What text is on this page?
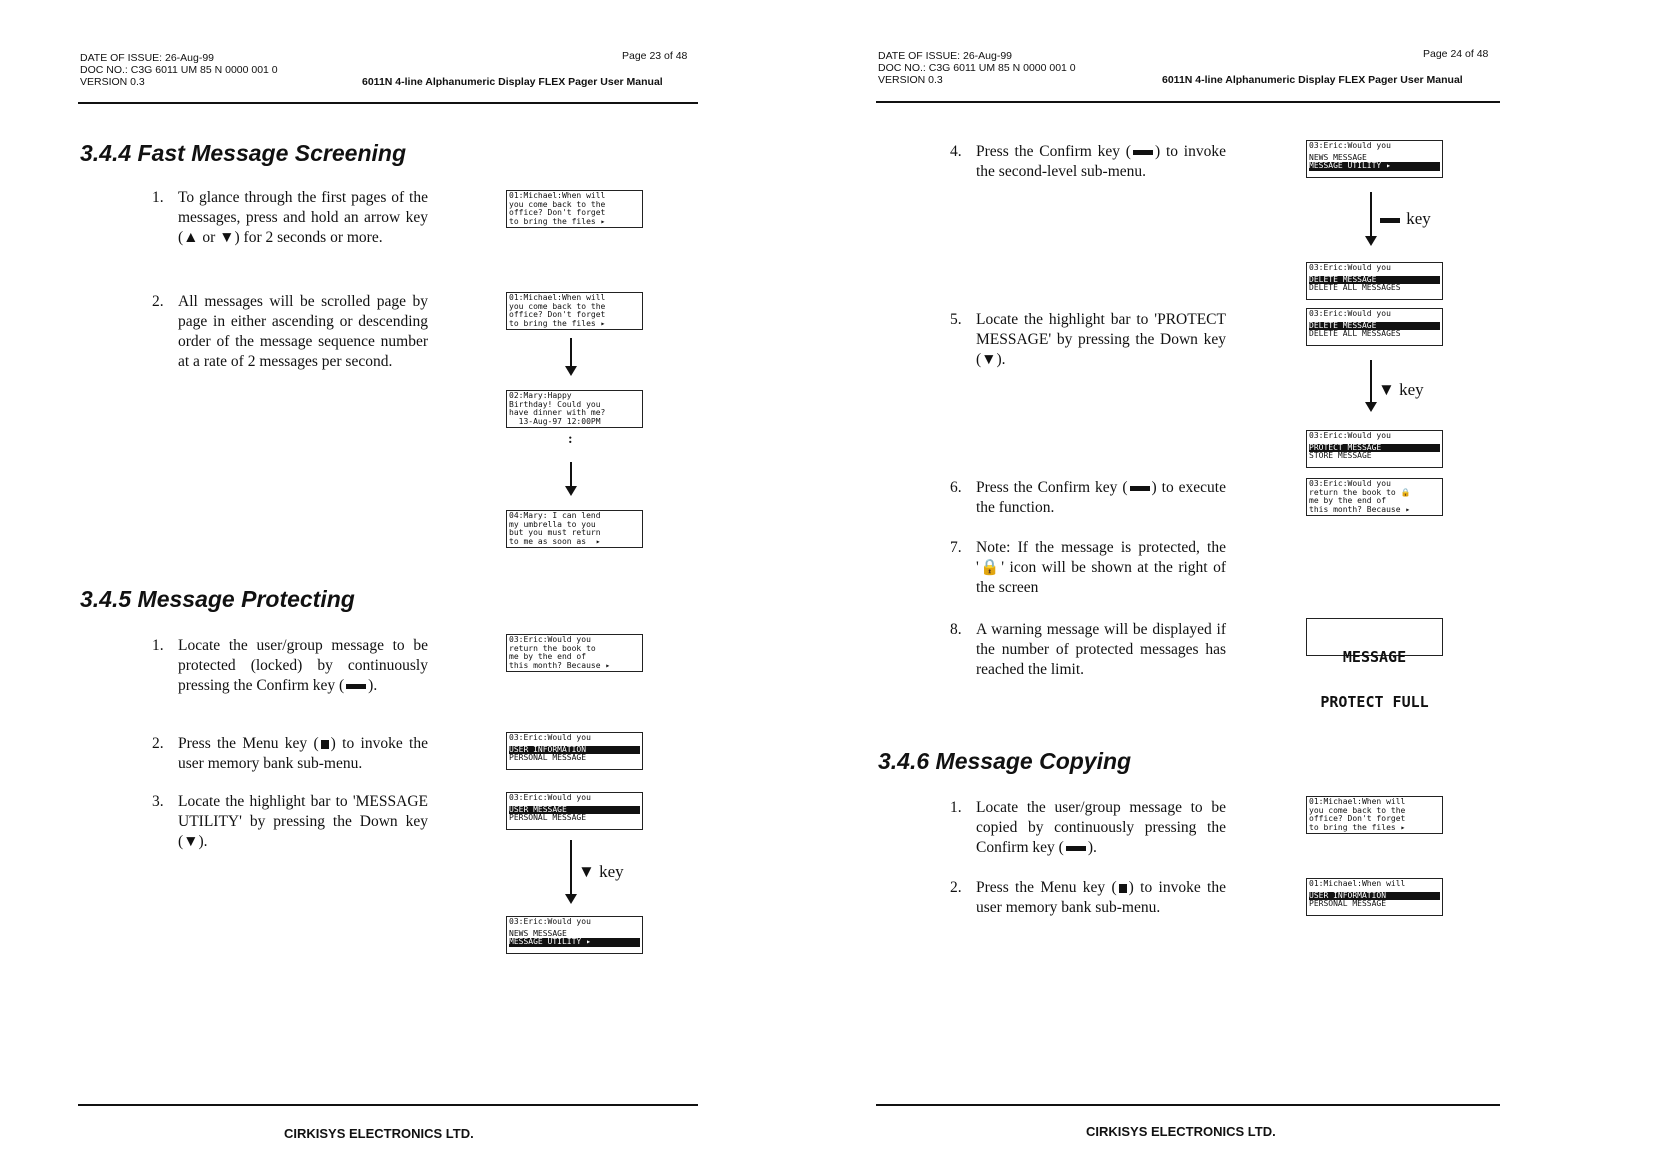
DATE OF ISSUE: 26-Aug-99
DOC NO.: C3G 6011 UM 85 N 0000 001 0
VERSION 0.3
Page 23 of 48
6011N 4-line Alphanumeric Display FLEX Pager User Manual
3.4.4 Fast Message Screening
1. To glance through the first pages of the messages, press and hold an arrow key (▲ or ▼) for 2 seconds or more.
2. All messages will be scrolled page by page in either ascending or descending order of the message sequence number at a rate of 2 messages per second.
01:Michael:When will
you come back to the
office? Don't forget
to bring the files ▸
01:Michael:When will
you come back to the
office? Don't forget
to bring the files ▸
02:Mary:Happy
Birthday! Could you
have dinner with me?
13-Aug-97 12:00PM
:
04:Mary: I can lend
my umbrella to you
but you must return
to me as soon as  ▸
3.4.5 Message Protecting
1. Locate the user/group message to be protected (locked) by continuously pressing the Confirm key ( ).
2. Press the Menu key ( ) to invoke the user memory bank sub-menu.
3. Locate the highlight bar to 'MESSAGE UTILITY' by pressing the Down key (▼).
03:Eric:Would you
return the book to
me by the end of
this month? Because ▸
03:Eric:Would you
USER INFORMATION
PERSONAL MESSAGE
03:Eric:Would you
USER MESSAGE
PERSONAL MESSAGE
▼ key
03:Eric:Would you
NEWS MESSAGE
MESSAGE UTILITY ▸
CIRKISYS ELECTRONICS LTD.
DATE OF ISSUE: 26-Aug-99
DOC NO.: C3G 6011 UM 85 N 0000 001 0
VERSION 0.3
Page 24 of 48
6011N 4-line Alphanumeric Display FLEX Pager User Manual
4. Press the Confirm key ( ) to invoke the second-level sub-menu.
5. Locate the highlight bar to 'PROTECT MESSAGE' by pressing the Down key (▼).
6. Press the Confirm key ( ) to execute the function.
7. Note: If the message is protected, the '🔒' icon will be shown at the right of the screen
8. A warning message will be displayed if the number of protected messages has reached the limit.
03:Eric:Would you
NEWS MESSAGE
MESSAGE UTILITY ▸
key
03:Eric:Would you
DELETE MESSAGE
DELETE ALL MESSAGES
03:Eric:Would you
DELETE MESSAGE
DELETE ALL MESSAGES
▼ key
03:Eric:Would you
PROTECT MESSAGE
STORE MESSAGE
03:Eric:Would you
return the book to 🔒
me by the end of
this month? Because ▸

MESSAGE

PROTECT FULL

3.4.6 Message Copying
1. Locate the user/group message to be copied by continuously pressing the Confirm key ( ).
2. Press the Menu key ( ) to invoke the user memory bank sub-menu.
01:Michael:When will
you come back to the
office? Don't forget
to bring the files ▸
01:Michael:When will
USER INFORMATION
PERSONAL MESSAGE
CIRKISYS ELECTRONICS LTD.
